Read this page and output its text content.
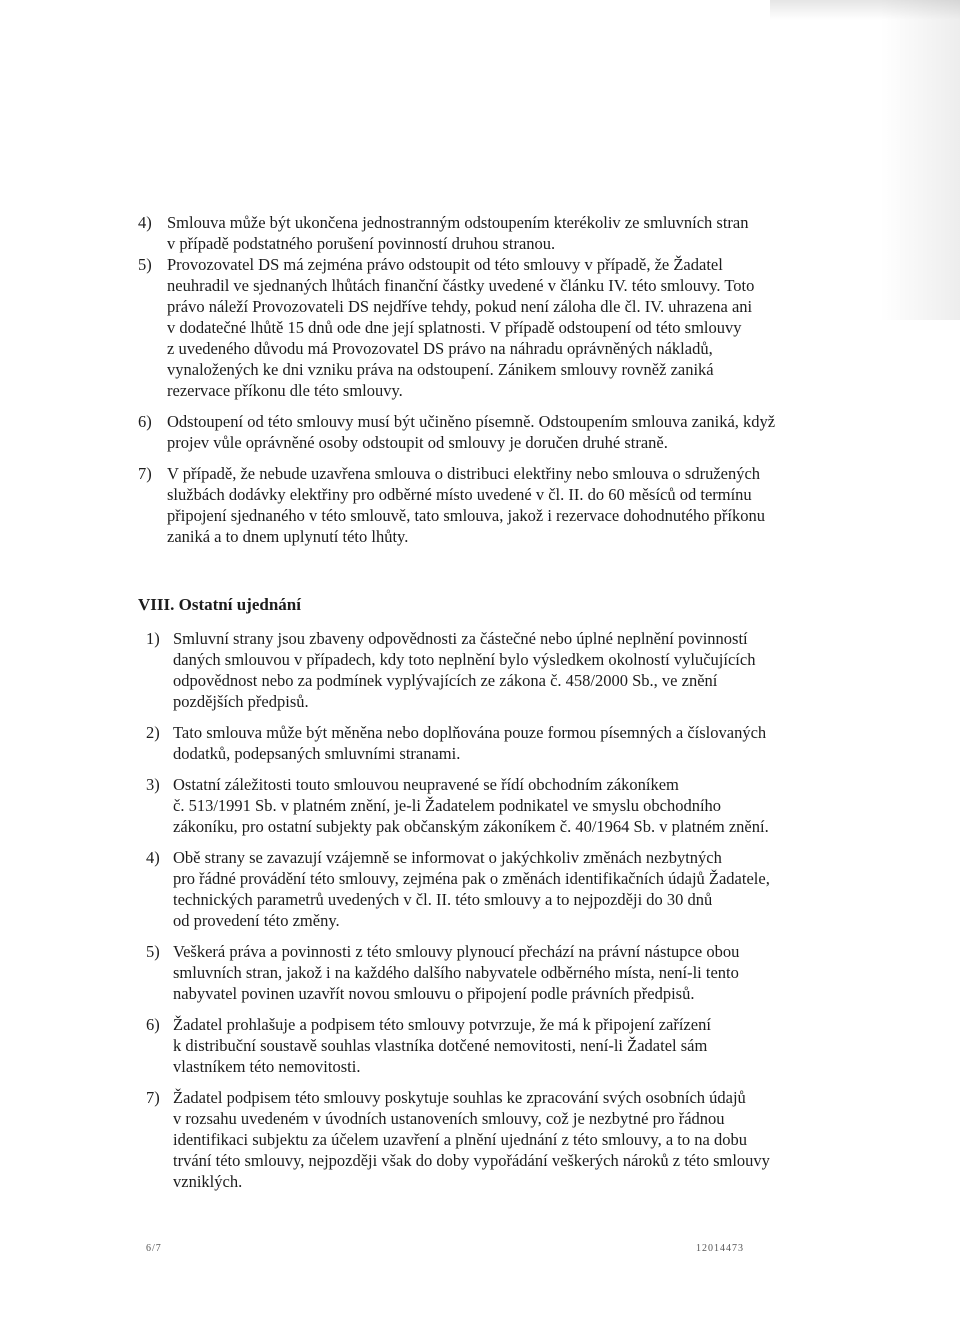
4) Smlouva může být ukončena jednostranným odstoupením kterékoliv ze smluvních stran
v případě podstatného porušení povinností druhou stranou.
5) Provozovatel DS má zejména právo odstoupit od této smlouvy v případě, že Žadatel
neuhradil ve sjednaných lhůtách finanční částky uvedené v článku IV. této smlouvy. Toto
právo náleží Provozovateli DS nejdříve tehdy, pokud není záloha dle čl. IV. uhrazena ani
v dodatečné lhůtě 15 dnů ode dne její splatnosti. V případě odstoupení od této smlouvy
z uvedeného důvodu má Provozovatel DS právo na náhradu oprávněných nákladů,
vynaložených ke dni vzniku práva na odstoupení. Zánikem smlouvy rovněž zaniká
rezervace příkonu dle této smlouvy.
6) Odstoupení od této smlouvy musí být učiněno písemně. Odstoupením smlouva zaniká, když
projev vůle oprávněné osoby odstoupit od smlouvy je doručen druhé straně.
7) V případě, že nebude uzavřena smlouva o distribuci elektřiny nebo smlouva o sdružených
službách dodávky elektřiny pro odběrné místo uvedené v čl. II. do 60 měsíců od termínu
připojení sjednaného v této smlouvě, tato smlouva, jakož i rezervace dohodnutého příkonu
zaniká a to dnem uplynutí této lhůty.
VIII. Ostatní ujednání
1) Smluvní strany jsou zbaveny odpovědnosti za částečné nebo úplné neplnění povinností
daných smlouvou v případech, kdy toto neplnění bylo výsledkem okolností vylučujících
odpovědnost nebo za podmínek vyplývajících ze zákona č. 458/2000 Sb., ve znění
pozdějších předpisů.
2) Tato smlouva může být měněna nebo doplňována pouze formou písemných a číslovaných
dodatků, podepsaných smluvními stranami.
3) Ostatní záležitosti touto smlouvou neupravené se řídí obchodním zákoníkem
č. 513/1991 Sb. v platném znění, je-li Žadatelem podnikatel ve smyslu obchodního
zákoníku, pro ostatní subjekty pak občanským zákoníkem č. 40/1964 Sb. v platném znění.
4) Obě strany se zavazují vzájemně se informovat o jakýchkoliv změnách nezbytných
pro řádné provádění této smlouvy, zejména pak o změnách identifikačních údajů Žadatele,
technických parametrů uvedených v čl. II. této smlouvy a to nejpozději do 30 dnů
od provedení této změny.
5) Veškerá práva a povinnosti z této smlouvy plynoucí přechází na právní nástupce obou
smluvních stran, jakož i na každého dalšího nabyvatele odběrného místa, není-li tento
nabyvatel povinen uzavřít novou smlouvu o připojení podle právních předpisů.
6) Žadatel prohlašuje a podpisem této smlouvy potvrzuje, že má k připojení zařízení
k distribuční soustavě souhlas vlastníka dotčené nemovitosti, není-li Žadatel sám
vlastníkem této nemovitosti.
7) Žadatel podpisem této smlouvy poskytuje souhlas ke zpracování svých osobních údajů
v rozsahu uvedeném v úvodních ustanoveních smlouvy, což je nezbytné pro řádnou
identifikaci subjektu za účelem uzavření a plnění ujednání z této smlouvy, a to na dobu
trvání této smlouvy, nejpozději však do doby vypořádání veškerých nároků z této smlouvy
vzniklých.
6/7	12014473
